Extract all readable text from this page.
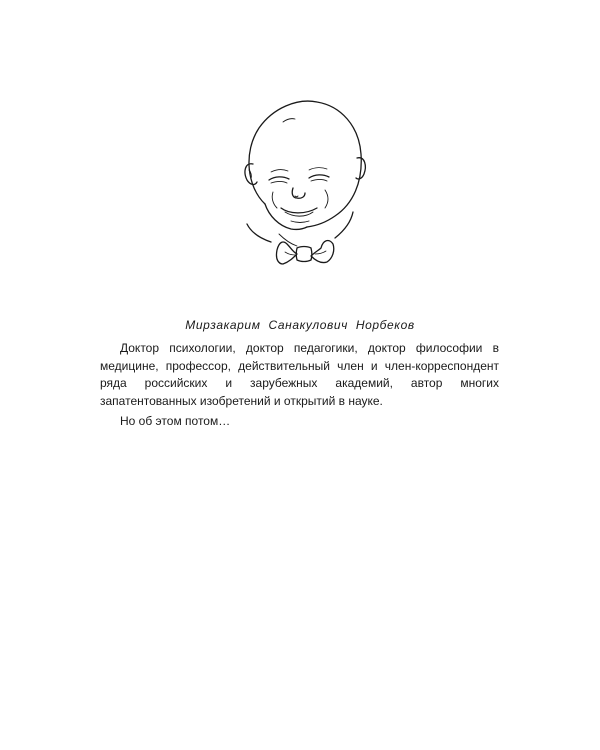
Мирзакарим Санакулович Норбеков

Доктор психологии, доктор педагогики, доктор философии в медицине, профессор, действительный член и член-корреспондент ряда российских и зарубежных академий, автор многих запатентованных изобретений и открытий в науке.

Но об этом потом…
